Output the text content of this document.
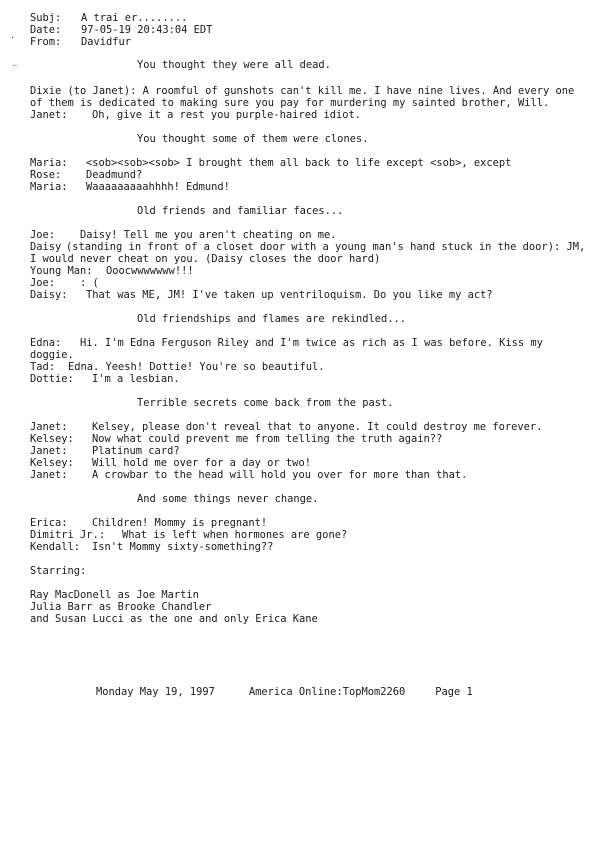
·
‥
Subj: A trai er........
Date: 97-05-19 20:43:04 EDT
From: Davidfur
You thought they were all dead.
Dixie (to Janet): A roomful of gunshots can't kill me. I have nine lives. And every one of them is dedicated to making sure you pay for murdering my sainted brother, Will.
Janet: Oh, give it a rest you purple-haired idiot.
You thought some of them were clones.
Maria: <sob><sob><sob> I brought them all back to life except <sob>, except
Rose: Deadmund?
Maria: Waaaaaaaaahhhh! Edmund!
Old friends and familiar faces...
Joe: Daisy! Tell me you aren't cheating on me.
Daisy (standing in front of a closet door with a young man's hand stuck in the door): JM, I would never cheat on you. (Daisy closes the door hard)
Young Man: Ooocwwwwwww!!!
Joe: : (
Daisy: That was ME, JM! I've taken up ventriloquism. Do you like my act?
Old friendships and flames are rekindled...
Edna: Hi. I'm Edna Ferguson Riley and I'm twice as rich as I was before. Kiss my doggie.
Tad: Edna. Yeesh! Dottie! You're so beautiful.
Dottie: I'm a lesbian.
Terrible secrets come back from the past.
Janet: Kelsey, please don't reveal that to anyone. It could destroy me forever.
Kelsey: Now what could prevent me from telling the truth again??
Janet: Platinum card?
Kelsey: Will hold me over for a day or two!
Janet: A crowbar to the head will hold you over for more than that.
And some things never change.
Erica: Children! Mommy is pregnant!
Dimitri Jr.: What is left when hormones are gone?
Kendall: Isn't Mommy sixty-something??
Starring:
Ray MacDonell as Joe Martin
Julia Barr as Brooke Chandler
and Susan Lucci as the one and only Erica Kane
Monday May 19, 1997	America Online:TopMom2260	Page 1
